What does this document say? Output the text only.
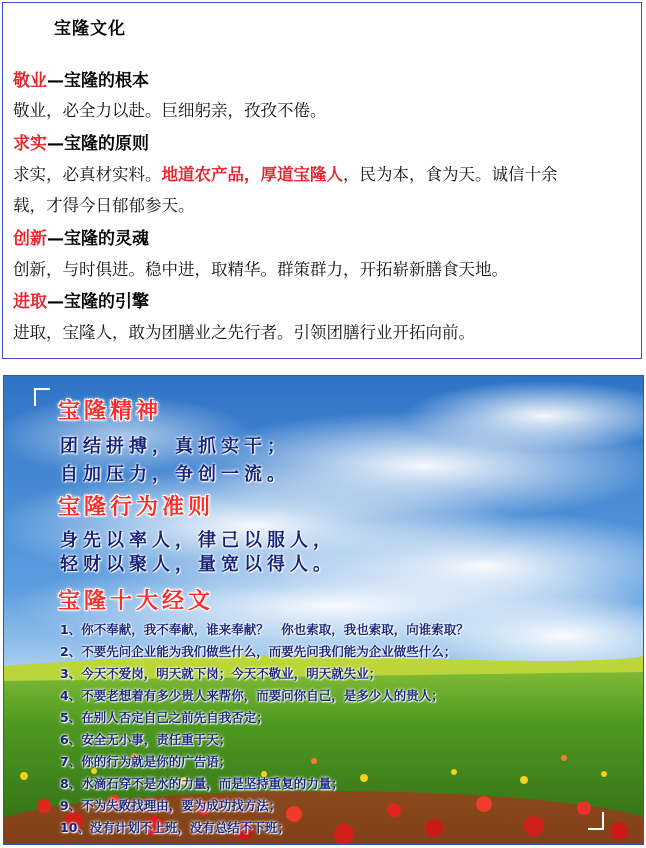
宝隆文化
敬业—宝隆的根本
敬业，必全力以赴。巨细躬亲，孜孜不倦。
求实—宝隆的原则
求实，必真材实料。地道农产品，厚道宝隆人，民为本，食为天。诚信十余
载，才得今日郁郁参天。
创新—宝隆的灵魂
创新，与时俱进。稳中进，取精华。群策群力，开拓崭新膳食天地。
进取—宝隆的引擎
进取，宝隆人，敢为团膳业之先行者。引领团膳行业开拓向前。
宝隆精神
团结拼搏，真抓实干；
自加压力，争创一流。
宝隆行为准则
身先以率人，律己以服人，
轻财以聚人，量宽以得人。
宝隆十大经文
1、你不奉献，我不奉献，谁来奉献？　你也索取，我也索取，向谁索取？
2、不要先问企业能为我们做些什么，而要先问我们能为企业做些什么；
3、今天不爱岗，明天就下岗；今天不敬业，明天就失业；
4、不要老想着有多少贵人来帮你，而要问你自己，是多少人的贵人；
5、在别人否定自己之前先自我否定；
6、安全无小事，责任重于天；
7、你的行为就是你的广告语；
8、水滴石穿不是水的力量，而是坚持重复的力量；
9、不为失败找理由，要为成功找方法；
10、没有计划不上班，没有总结不下班；
